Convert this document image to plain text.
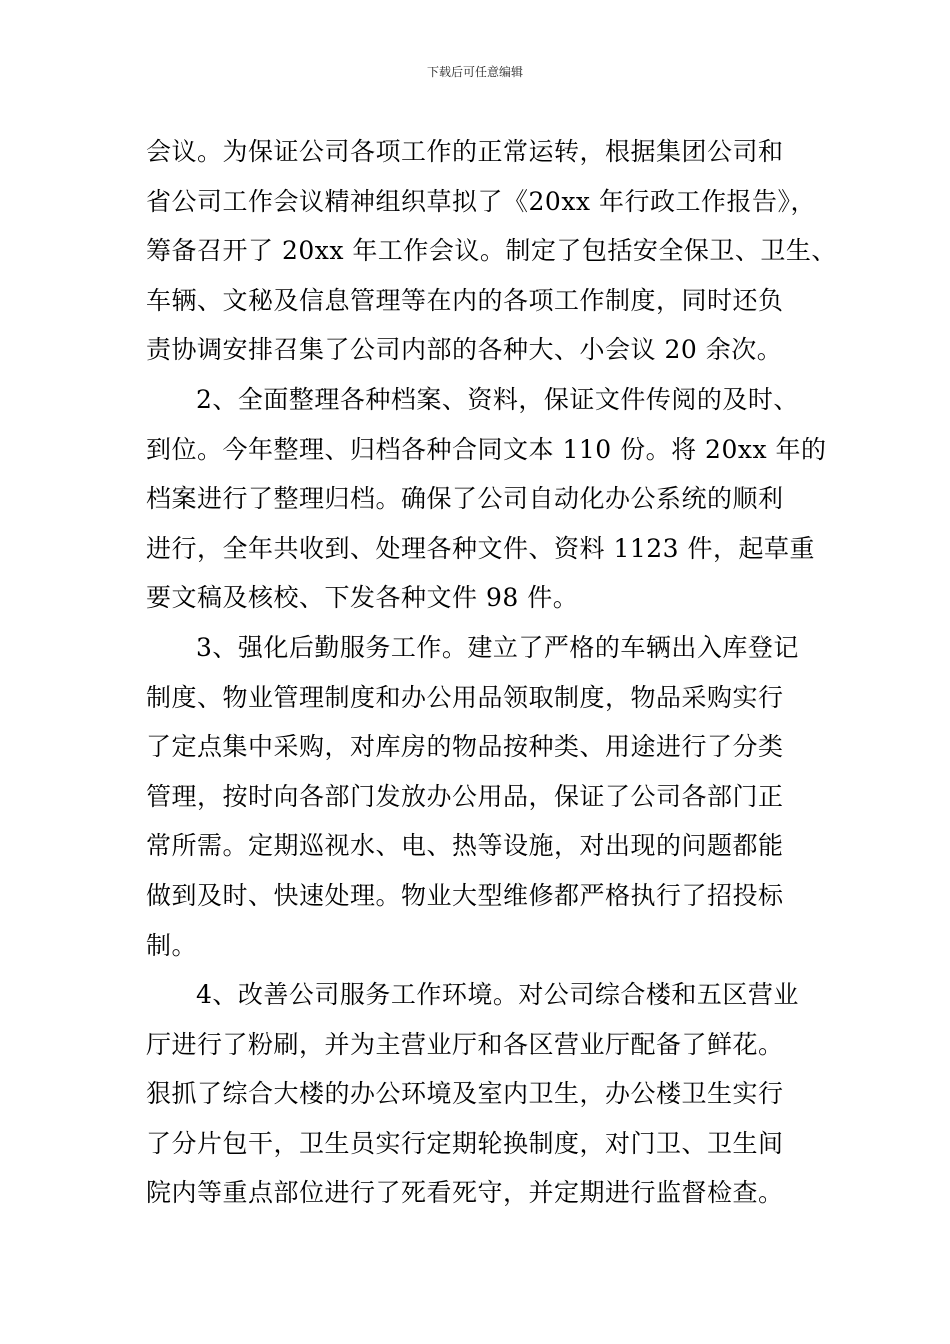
下载后可任意编辑
会议。为保证公司各项工作的正常运转，根据集团公司和
省公司工作会议精神组织草拟了《20xx 年行政工作报告》，
筹备召开了 20xx 年工作会议。制定了包括安全保卫、卫生、
车辆、文秘及信息管理等在内的各项工作制度，同时还负
责协调安排召集了公司内部的各种大、小会议 20 余次。
2、全面整理各种档案、资料，保证文件传阅的及时、
到位。今年整理、归档各种合同文本 110 份。将 20xx 年的
档案进行了整理归档。确保了公司自动化办公系统的顺利
进行，全年共收到、处理各种文件、资料 1123 件，起草重
要文稿及核校、下发各种文件 98 件。
3、强化后勤服务工作。建立了严格的车辆出入库登记
制度、物业管理制度和办公用品领取制度，物品采购实行
了定点集中采购，对库房的物品按种类、用途进行了分类
管理，按时向各部门发放办公用品，保证了公司各部门正
常所需。定期巡视水、电、热等设施，对出现的问题都能
做到及时、快速处理。物业大型维修都严格执行了招投标
制。
4、改善公司服务工作环境。对公司综合楼和五区营业
厅进行了粉刷，并为主营业厅和各区营业厅配备了鲜花。
狠抓了综合大楼的办公环境及室内卫生，办公楼卫生实行
了分片包干，卫生员实行定期轮换制度，对门卫、卫生间
院内等重点部位进行了死看死守，并定期进行监督检查。
